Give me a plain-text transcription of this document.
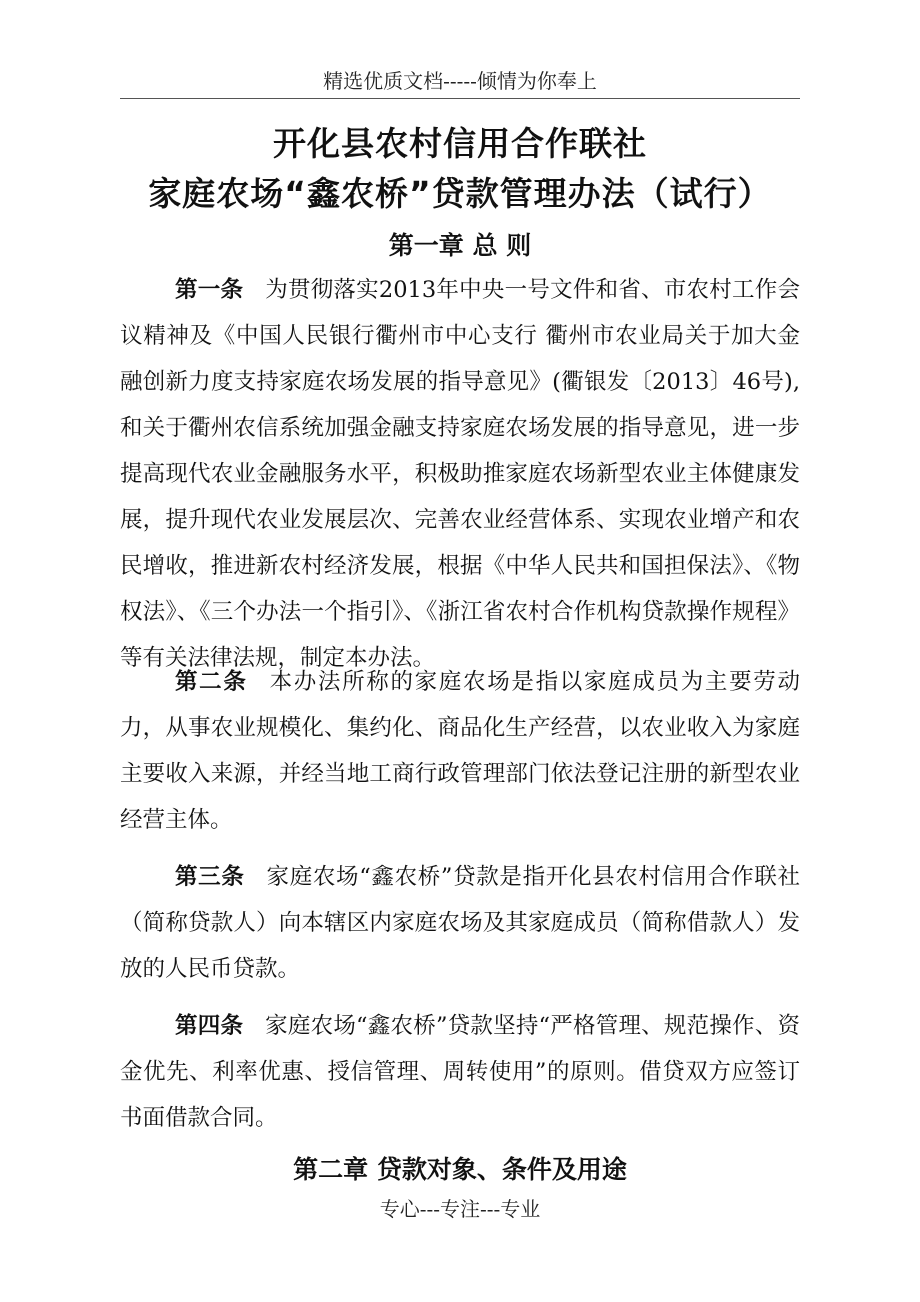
精选优质文档-----倾情为你奉上
开化县农村信用合作联社
家庭农场“鑫农桥”贷款管理办法（试行）
第一章 总 则

第一条 为贯彻落实2013年中央一号文件和省、市农村工作会议精神及《中国人民银行衢州市中心支行 衢州市农业局关于加大金融创新力度支持家庭农场发展的指导意见》(衢银发〔2013〕46号),和关于衢州农信系统加强金融支持家庭农场发展的指导意见，进一步提高现代农业金融服务水平，积极助推家庭农场新型农业主体健康发展，提升现代农业发展层次、完善农业经营体系、实现农业增产和农民增收，推进新农村经济发展，根据《中华人民共和国担保法》、《物权法》、《三个办法一个指引》、《浙江省农村合作机构贷款操作规程》等有关法律法规，制定本办法。

第二条 本办法所称的家庭农场是指以家庭成员为主要劳动力，从事农业规模化、集约化、商品化生产经营，以农业收入为家庭主要收入来源，并经当地工商行政管理部门依法登记注册的新型农业经营主体。

第三条 家庭农场“鑫农桥”贷款是指开化县农村信用合作联社（简称贷款人）向本辖区内家庭农场及其家庭成员（简称借款人）发放的人民币贷款。

第四条 家庭农场“鑫农桥”贷款坚持“严格管理、规范操作、资金优先、利率优惠、授信管理、周转使用”的原则。借贷双方应签订书面借款合同。

第二章 贷款对象、条件及用途
专心---专注---专业
